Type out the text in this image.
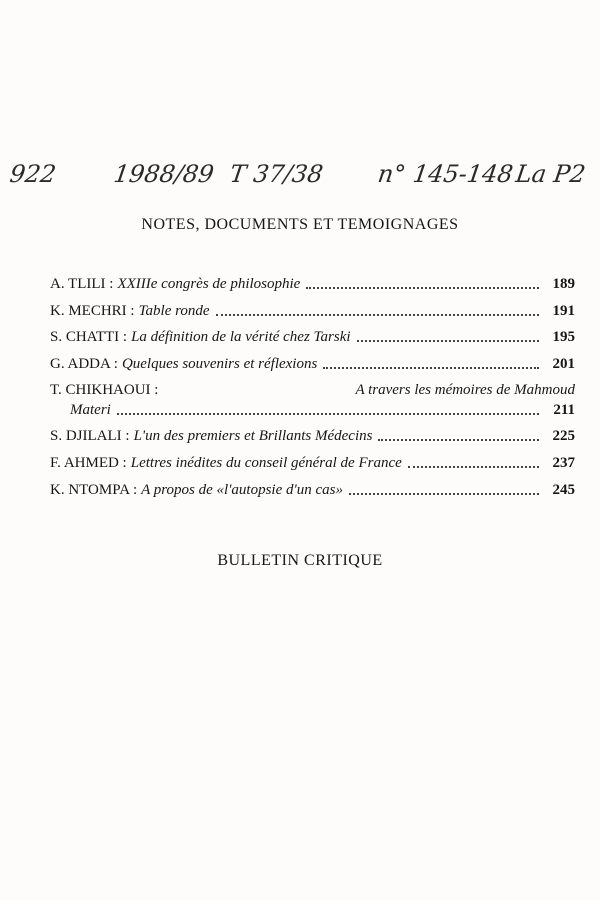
922 1988/89 T 37/38 n° 145-148 La P2
NOTES, DOCUMENTS ET TEMOIGNAGES
A. TLILI : XXIIIe congrès de philosophie	189
K. MECHRI : Table ronde	191
S. CHATTI : La définition de la vérité chez Tarski	195
G. ADDA : Quelques souvenirs et réflexions	201
T. CHIKHAOUI :	A travers les mémoires de Mahmoud
Materi	211
S. DJILALI : L'un des premiers et Brillants Médecins	225
F. AHMED : Lettres inédites du conseil général de France	237
K. NTOMPA : A propos de «l'autopsie d'un cas»	245
BULLETIN CRITIQUE
